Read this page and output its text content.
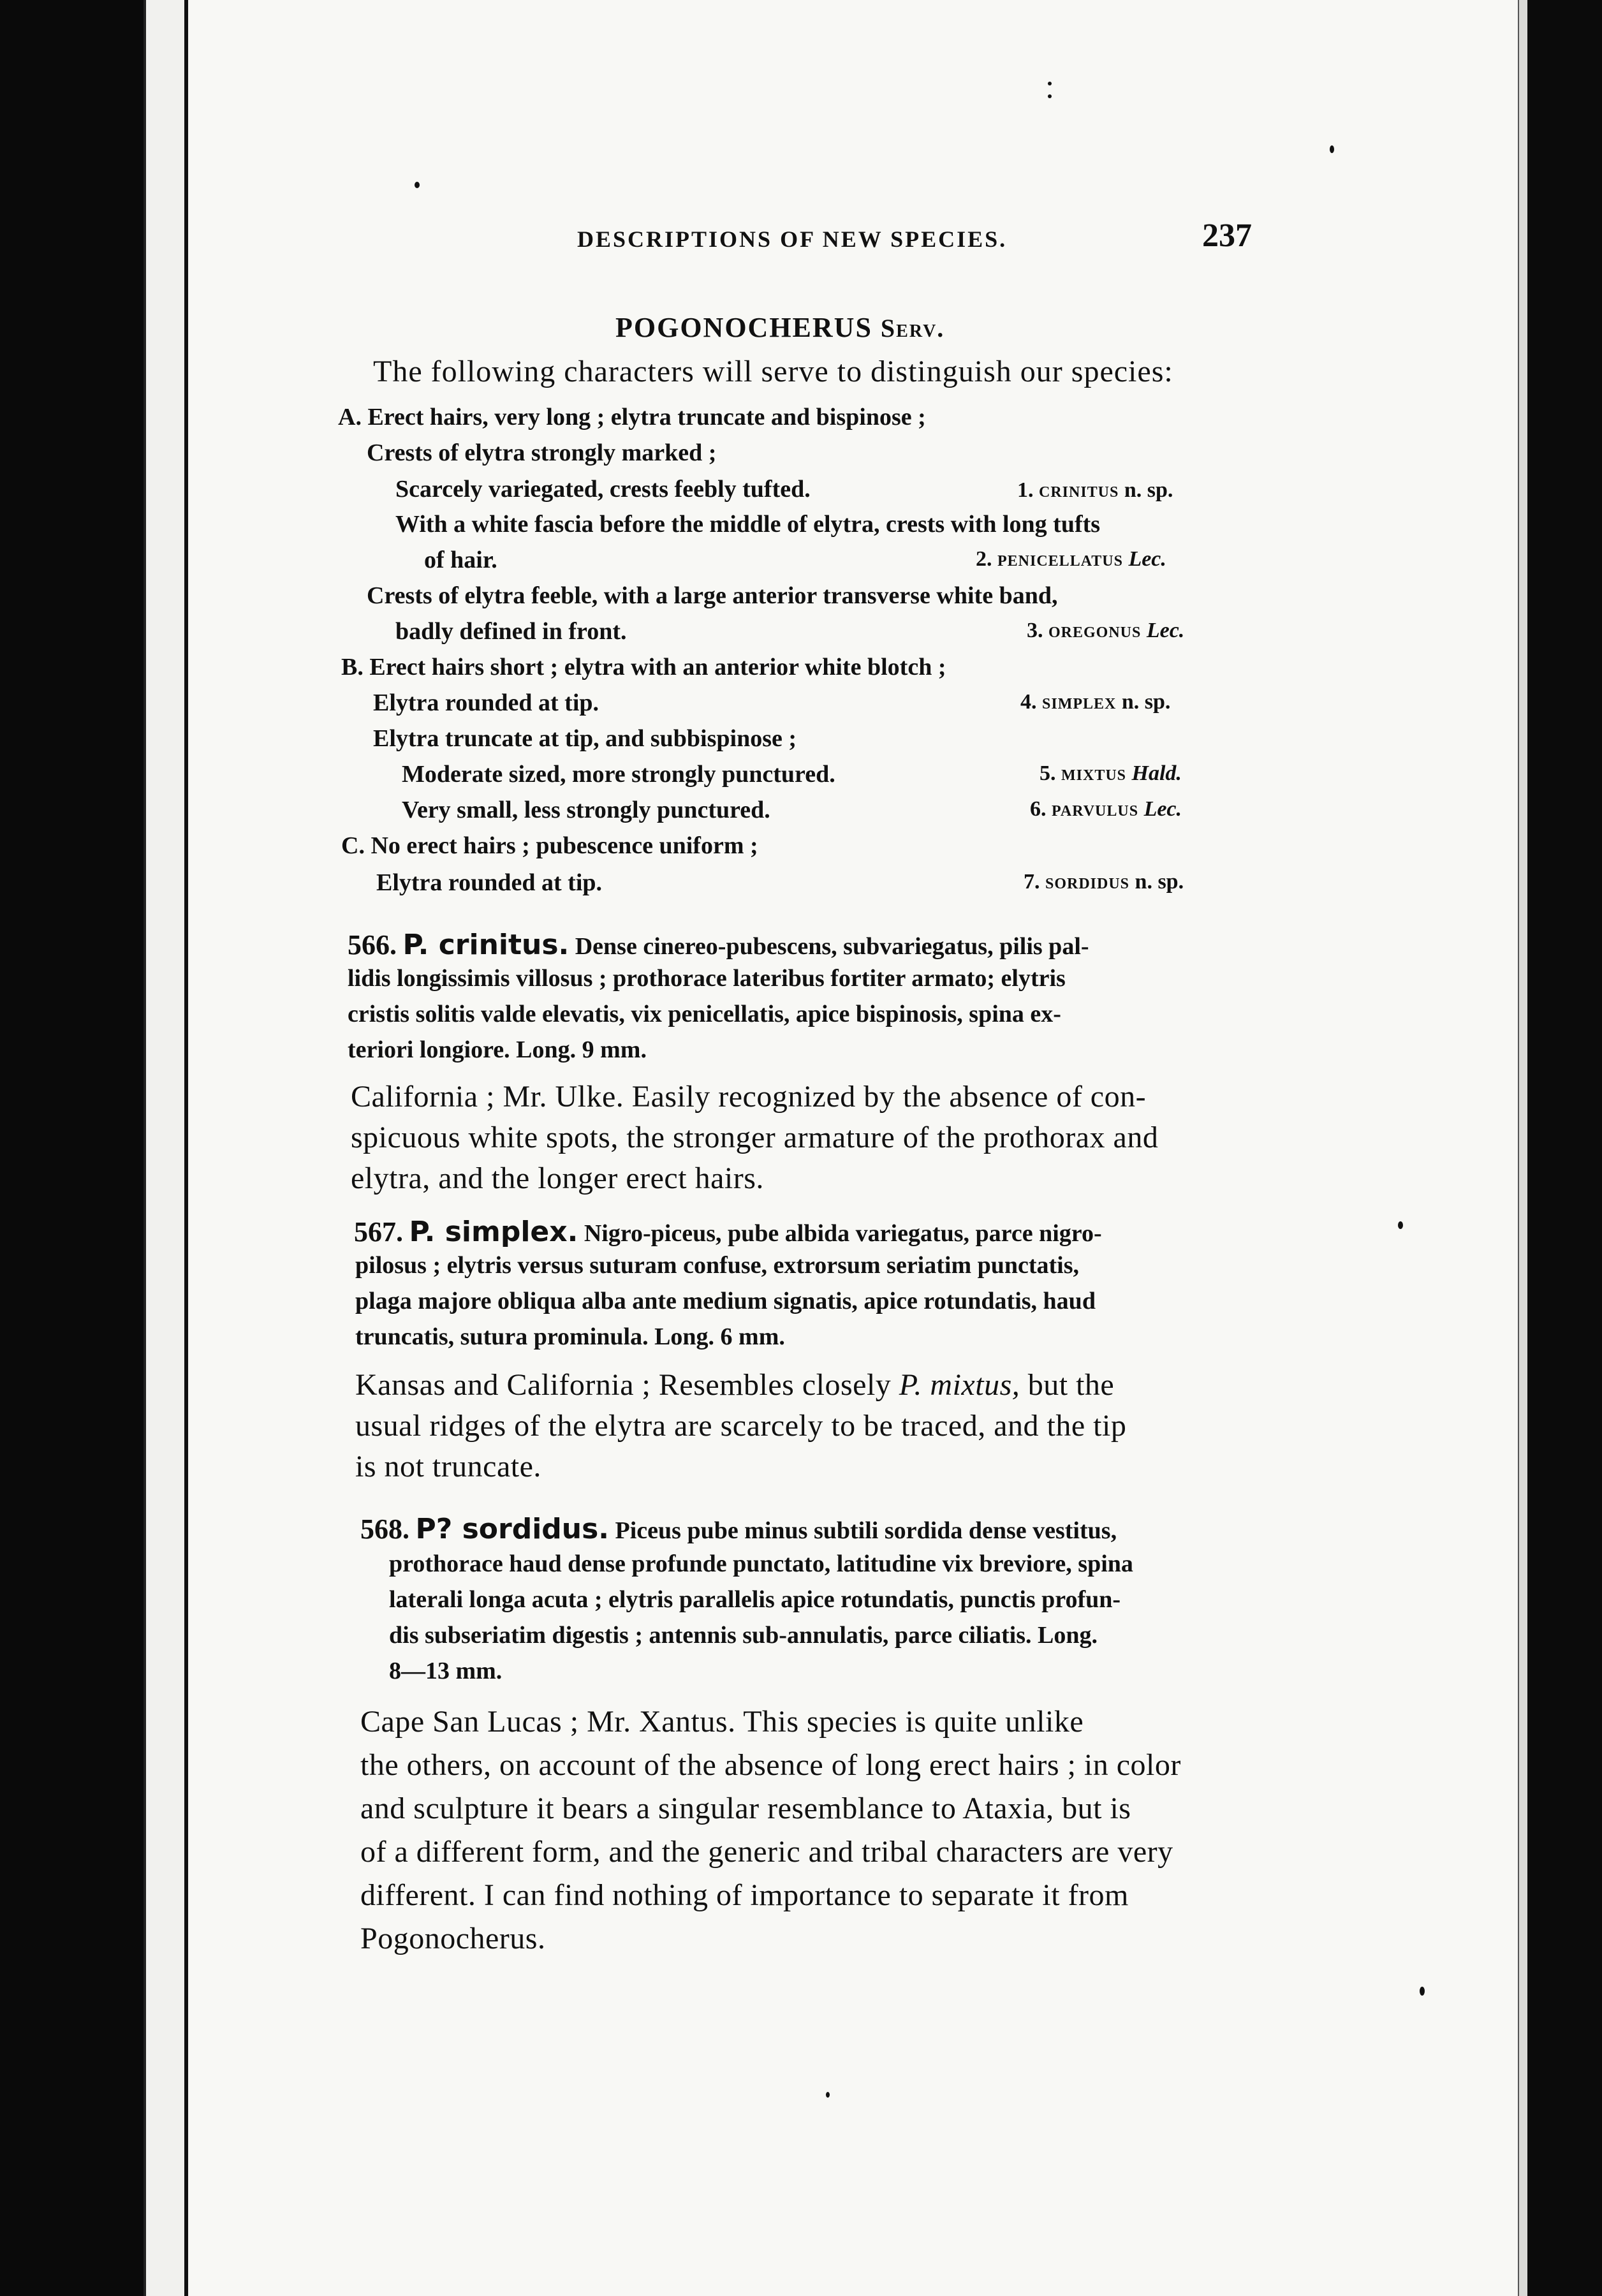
DESCRIPTIONS OF NEW SPECIES.	237
POGONOCHERUS Serv.
The following characters will serve to distinguish our species:
A. Erect hairs, very long ; elytra truncate and bispinose ;
Crests of elytra strongly marked ;
Scarcely variegated, crests feebly tufted.	1. crinitus n. sp.
With a white fascia before the middle of elytra, crests with long tufts
of hair.	2. penicellatus Lec.
Crests of elytra feeble, with a large anterior transverse white band,
badly defined in front.	3. oregonus Lec.
B. Erect hairs short ; elytra with an anterior white blotch ;
Elytra rounded at tip.	4. simplex n. sp.
Elytra truncate at tip, and subbispinose ;
Moderate sized, more strongly punctured.	5. mixtus Hald.
Very small, less strongly punctured.	6. parvulus Lec.
C. No erect hairs ; pubescence uniform ;
Elytra rounded at tip.	7. sordidus n. sp.
566. P. crinitus. Dense cinereo-pubescens, subvariegatus, pilis pal-
lidis longissimis villosus ; prothorace lateribus fortiter armato; elytris
cristis solitis valde elevatis, vix penicellatis, apice bispinosis, spina ex-
teriori longiore. Long. 9 mm.
California ; Mr. Ulke. Easily recognized by the absence of con-
spicuous white spots, the stronger armature of the prothorax and
elytra, and the longer erect hairs.
567. P. simplex. Nigro-piceus, pube albida variegatus, parce nigro-
pilosus ; elytris versus suturam confuse, extrorsum seriatim punctatis,
plaga majore obliqua alba ante medium signatis, apice rotundatis, haud
truncatis, sutura prominula. Long. 6 mm.
Kansas and California ; Resembles closely P. mixtus, but the
usual ridges of the elytra are scarcely to be traced, and the tip
is not truncate.
568. P? sordidus. Piceus pube minus subtili sordida dense vestitus,
prothorace haud dense profunde punctato, latitudine vix breviore, spina
laterali longa acuta ; elytris parallelis apice rotundatis, punctis profun-
dis subseriatim digestis ; antennis sub-annulatis, parce ciliatis. Long.
8—13 mm.
Cape San Lucas ; Mr. Xantus. This species is quite unlike
the others, on account of the absence of long erect hairs ; in color
and sculpture it bears a singular resemblance to Ataxia, but is
of a different form, and the generic and tribal characters are very
different. I can find nothing of importance to separate it from
Pogonocherus.
